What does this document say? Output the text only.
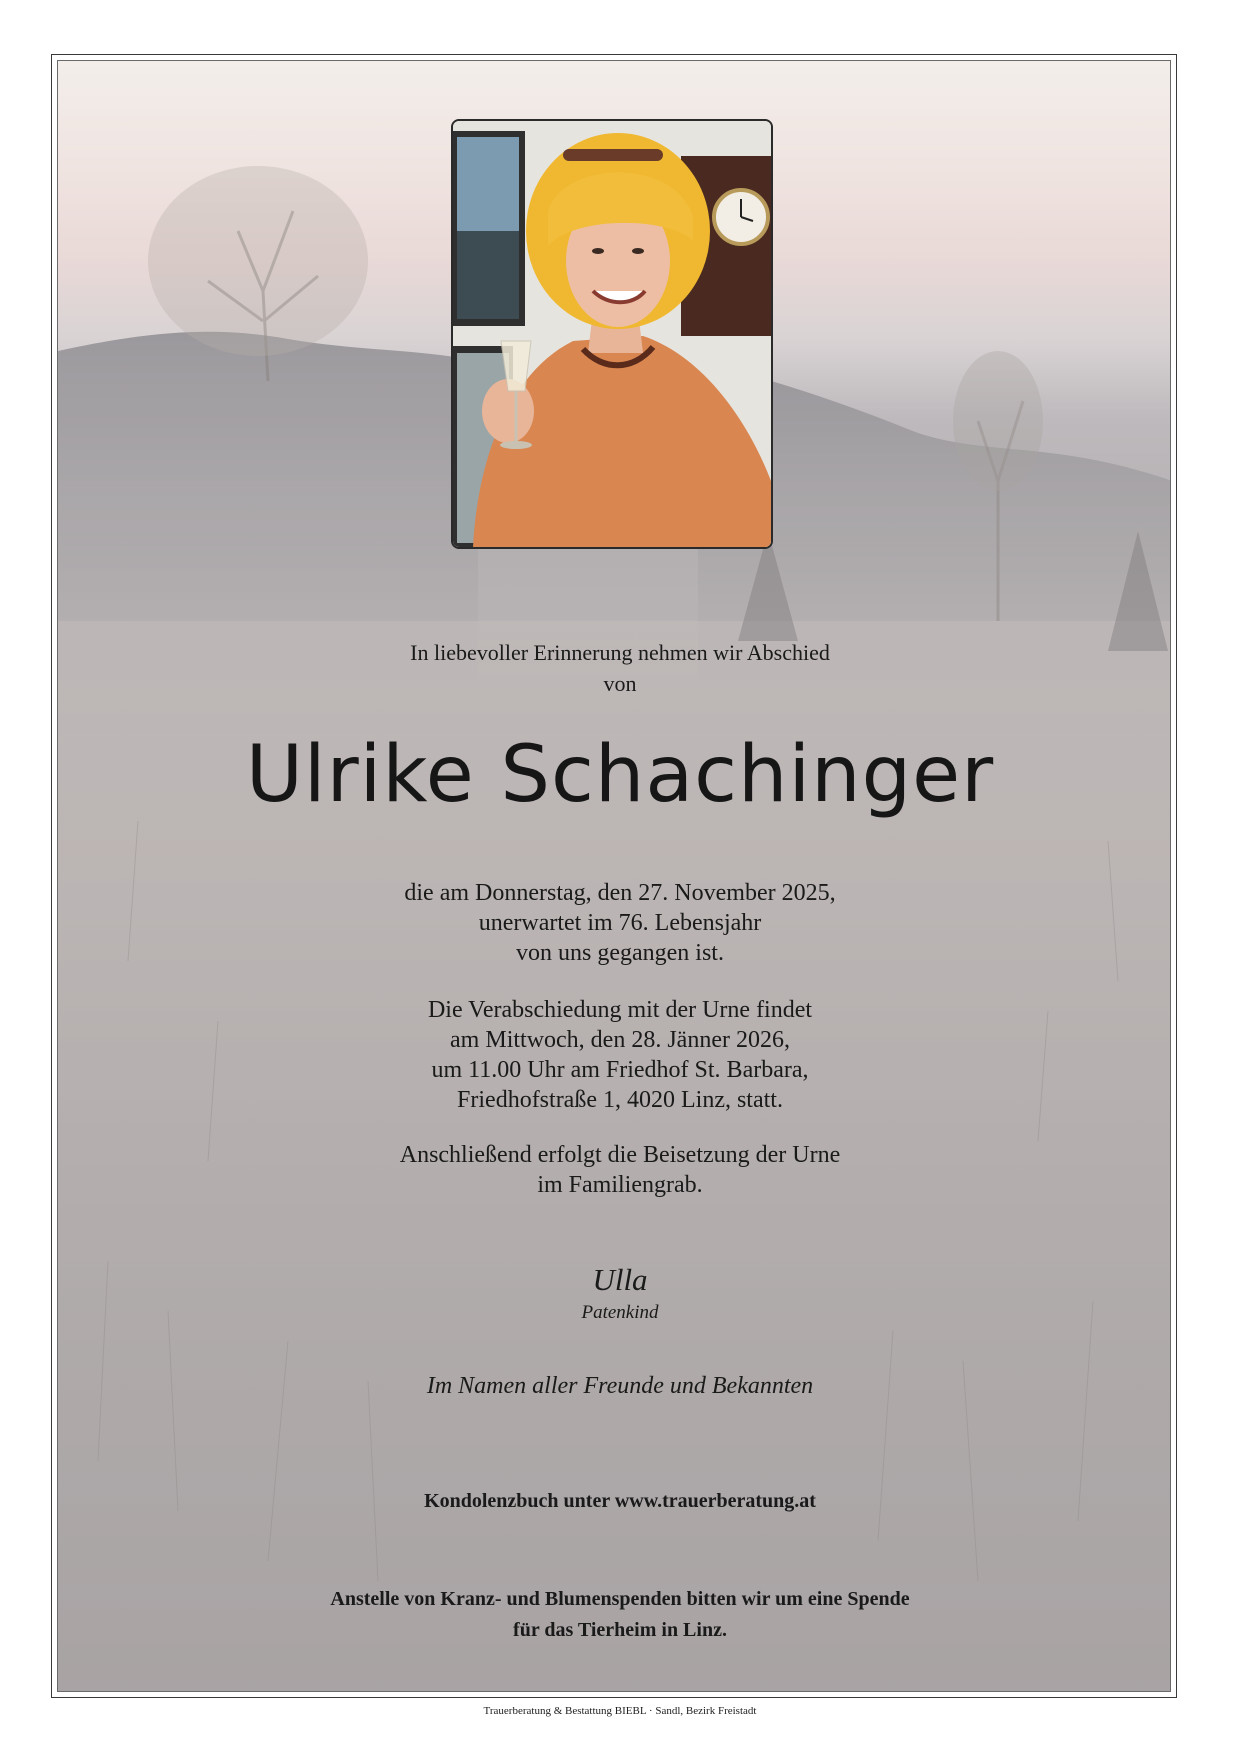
In liebevoller Erinnerung nehmen wir Abschied
von
Ulrike Schachinger
die am Donnerstag, den 27. November 2025,
unerwartet im 76. Lebensjahr
von uns gegangen ist.
Die Verabschiedung mit der Urne findet
am Mittwoch, den 28. Jänner 2026,
um 11.00 Uhr am Friedhof St. Barbara,
Friedhofstraße 1, 4020 Linz, statt.
Anschließend erfolgt die Beisetzung der Urne
im Familiengrab.
Ulla
Patenkind
Im Namen aller Freunde und Bekannten
Kondolenzbuch unter www.trauerberatung.at
Anstelle von Kranz- und Blumenspenden bitten wir um eine Spende
für das Tierheim in Linz.
Trauerberatung & Bestattung BIEBL · Sandl, Bezirk Freistadt
